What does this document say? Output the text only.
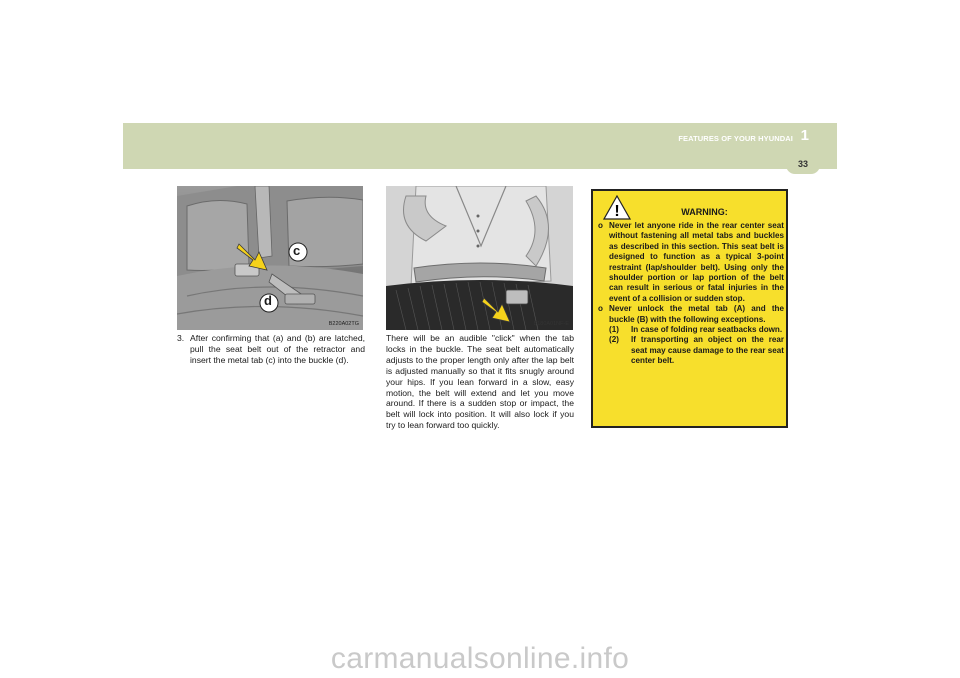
FEATURES OF YOUR HYUNDAI 1
33
c
d
B220A02TG	B180A01NF-E
3. After confirming that (a) and (b) are latched, pull the seat belt out of the retractor and insert the metal tab (c) into the buckle (d).
There will be an audible "click" when the tab locks in the buckle. The seat belt automatically adjusts to the proper length only after the lap belt is adjusted manually so that it fits snugly around your hips. If you lean forward in a slow, easy motion, the belt will extend and let you move around. If there is a sudden stop or impact, the belt will lock into position. It will also lock if you try to lean forward too quickly.
!	WARNING:
o Never let anyone ride in the rear center seat without fastening all metal tabs and buckles as described in this section. This seat belt is designed to function as a typical 3-point restraint (lap/shoulder belt). Using only the shoulder portion or lap portion of the belt can result in serious or fatal injuries in the event of a collision or sudden stop.
o Never unlock the metal tab (A) and the buckle (B) with the following exceptions.
(1) In case of folding rear seatbacks down.
(2) If transporting an object on the rear seat may cause damage to the rear seat center belt.
carmanualsonline.info
